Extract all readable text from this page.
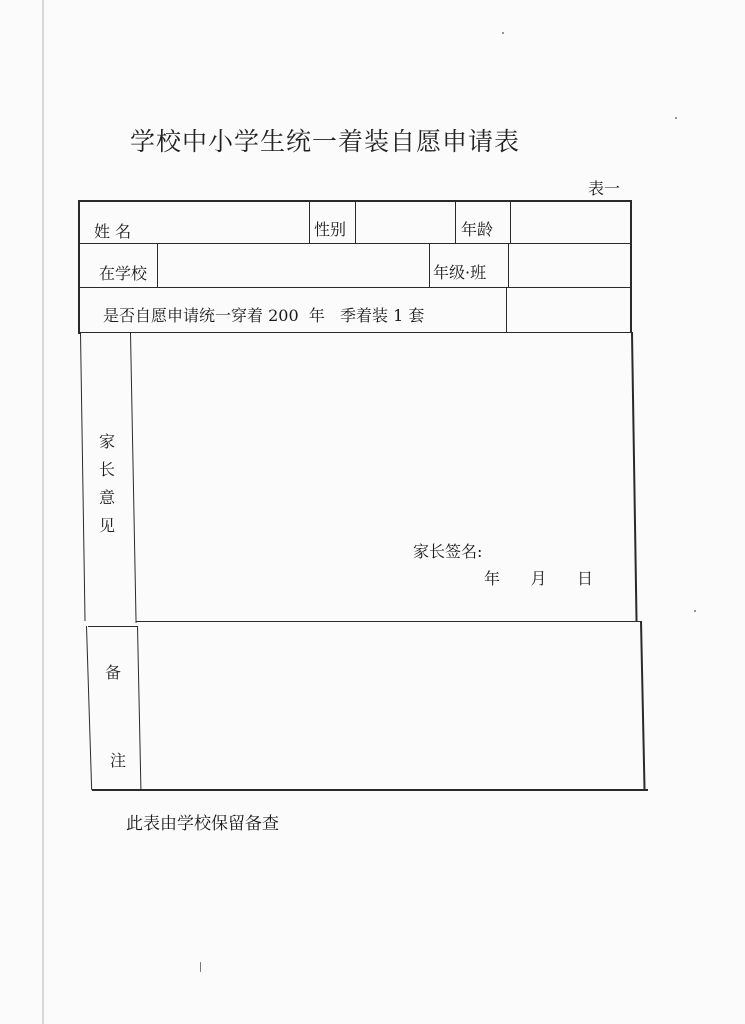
学校中小学生统一着装自愿申请表
表一
姓 名	性别	年龄
在学校	年级·班
是否自愿申请统一穿着 200  年   季着装 1 套
家长意见
家长签名:
年      月      日
备
注
此表由学校保留备查
